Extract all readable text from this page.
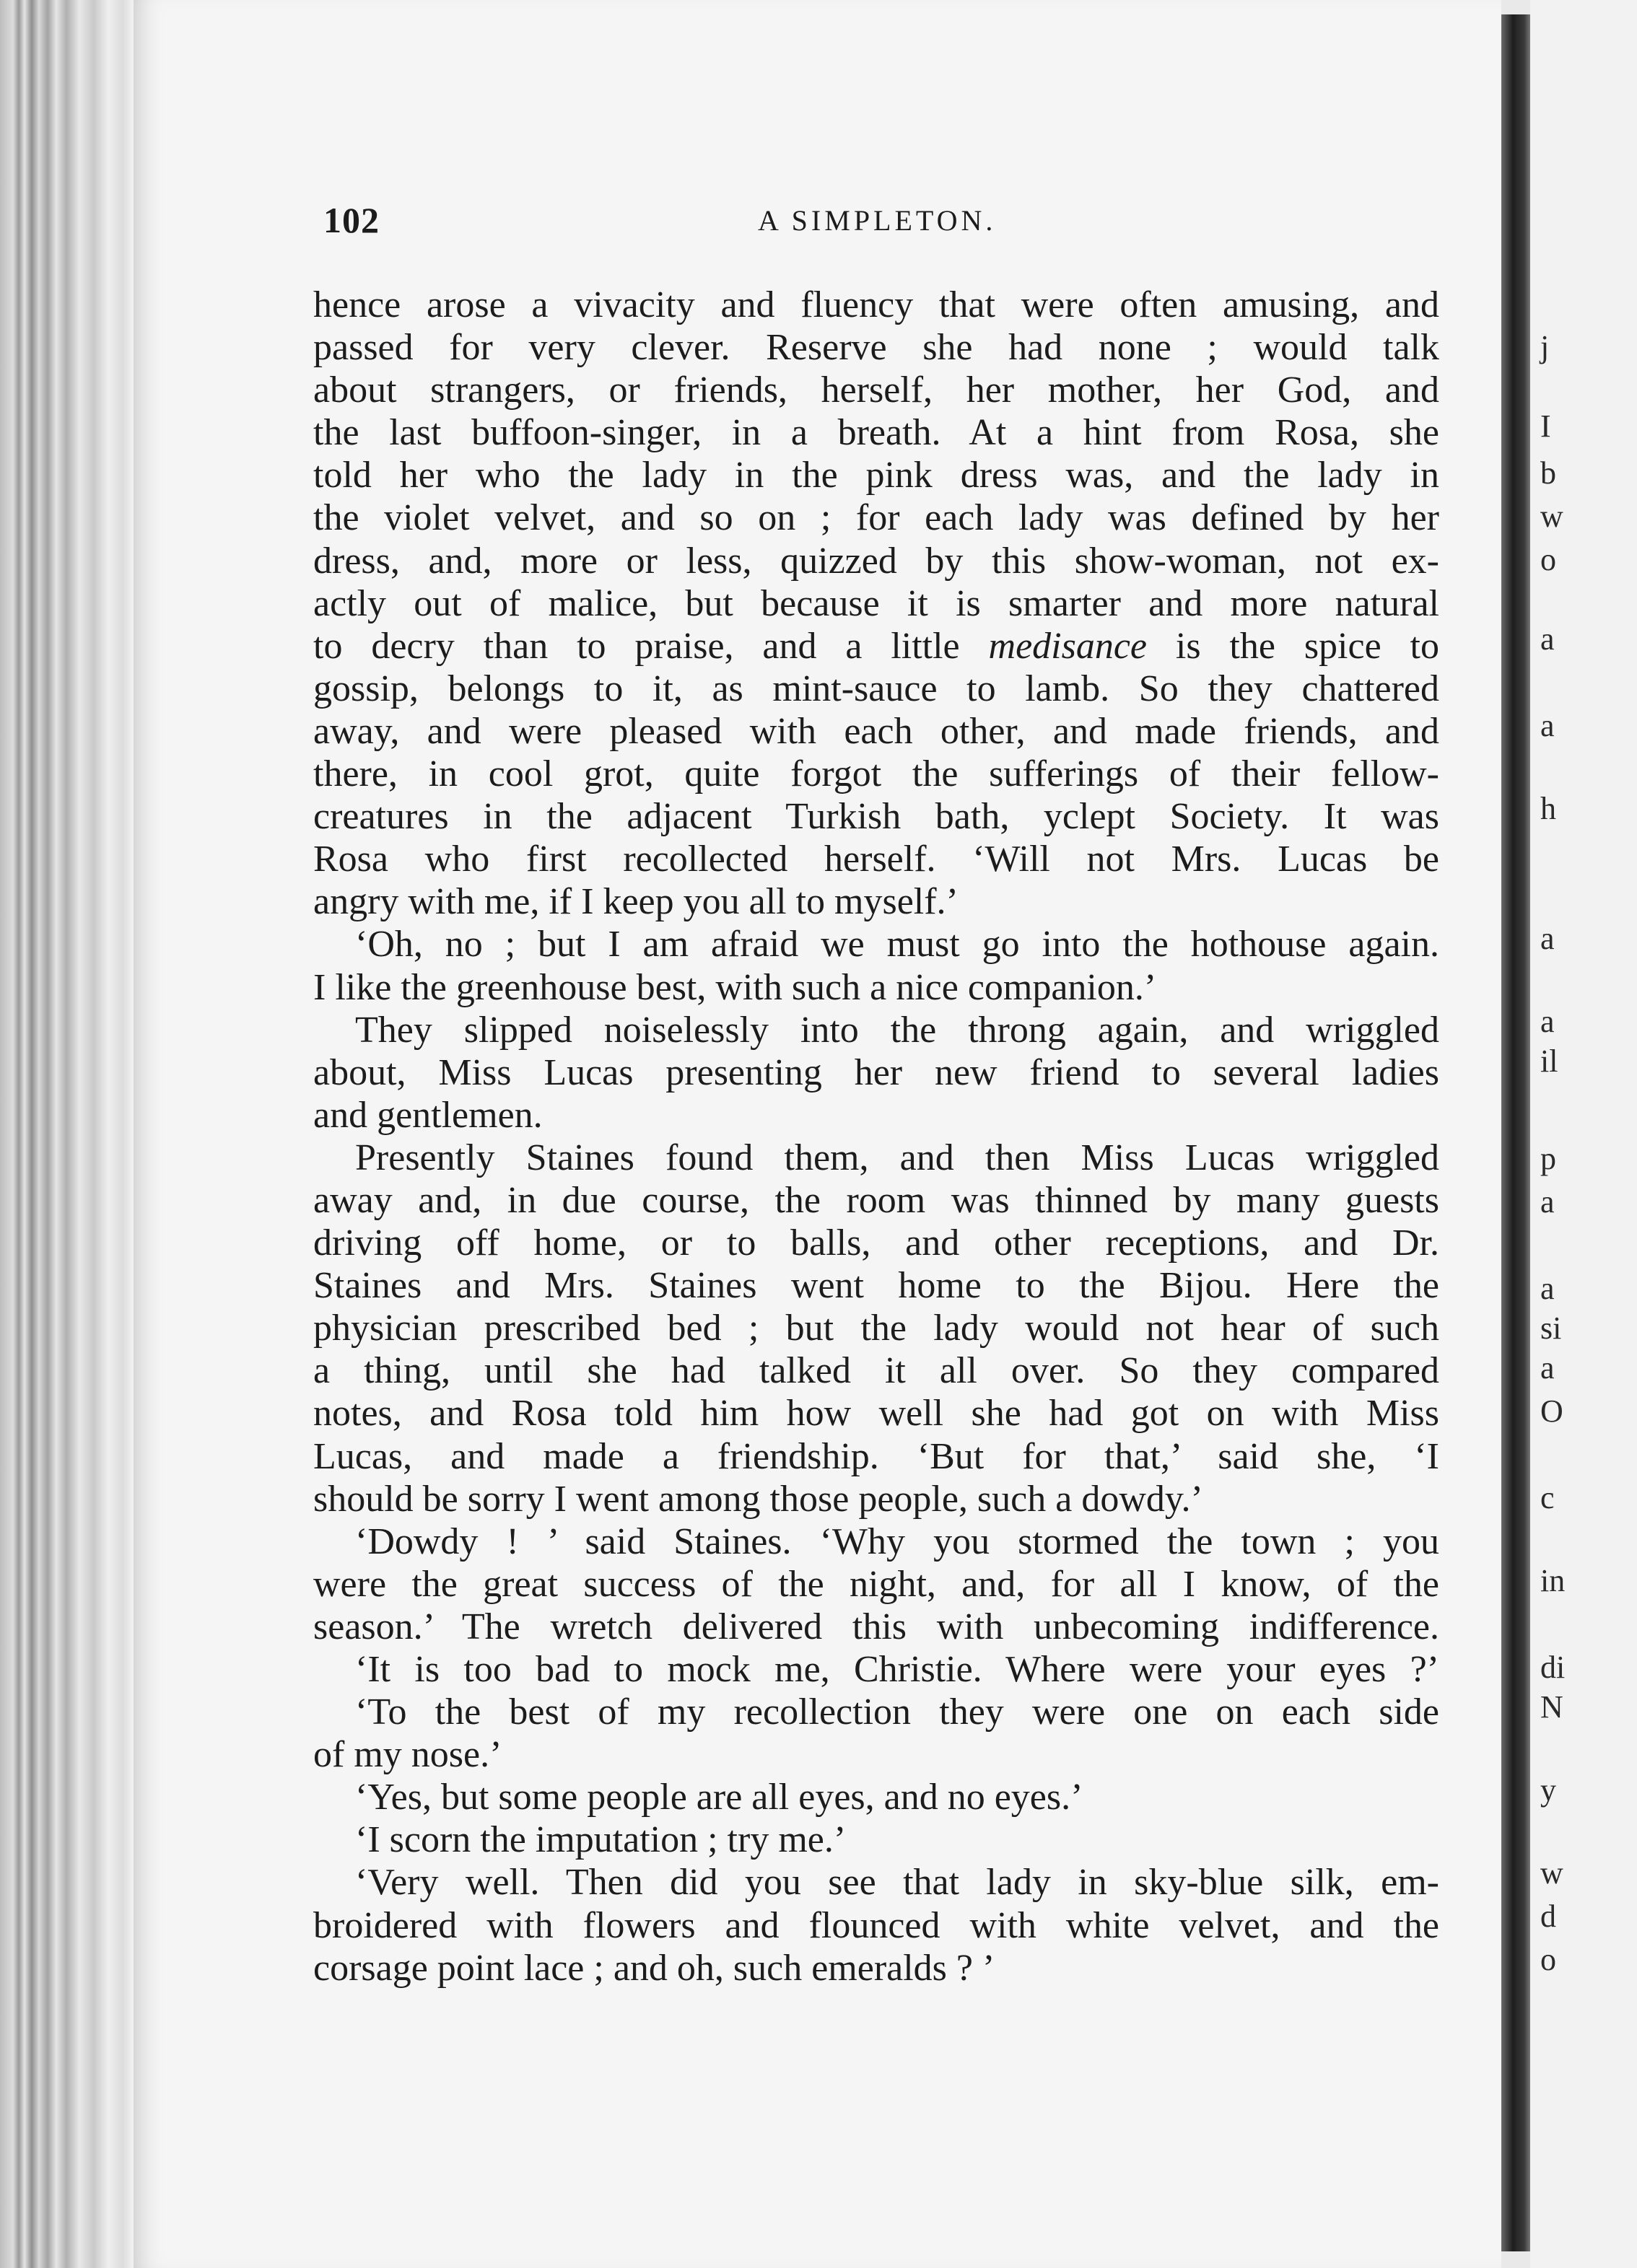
102	A SIMPLETON.
hence arose a vivacity and fluency that were often amusing, and
passed for very clever. Reserve she had none ; would talk
about strangers, or friends, herself, her mother, her God, and
the last buffoon-singer, in a breath. At a hint from Rosa, she
told her who the lady in the pink dress was, and the lady in
the violet velvet, and so on ; for each lady was defined by her
dress, and, more or less, quizzed by this show-woman, not ex-
actly out of malice, but because it is smarter and more natural
to decry than to praise, and a little medisance is the spice to
gossip, belongs to it, as mint-sauce to lamb. So they chattered
away, and were pleased with each other, and made friends, and
there, in cool grot, quite forgot the sufferings of their fellow-
creatures in the adjacent Turkish bath, yclept Society. It was
Rosa who first recollected herself. ‘Will not Mrs. Lucas be
angry with me, if I keep you all to myself.’
‘Oh, no ; but I am afraid we must go into the hothouse again.
I like the greenhouse best, with such a nice companion.’
They slipped noiselessly into the throng again, and wriggled
about, Miss Lucas presenting her new friend to several ladies
and gentlemen.
Presently Staines found them, and then Miss Lucas wriggled
away and, in due course, the room was thinned by many guests
driving off home, or to balls, and other receptions, and Dr.
Staines and Mrs. Staines went home to the Bijou. Here the
physician prescribed bed ; but the lady would not hear of such
a thing, until she had talked it all over. So they compared
notes, and Rosa told him how well she had got on with Miss
Lucas, and made a friendship. ‘But for that,’ said she, ‘I
should be sorry I went among those people, such a dowdy.’
‘Dowdy ! ’ said Staines. ‘Why you stormed the town ; you
were the great success of the night, and, for all I know, of the
season.’ The wretch delivered this with unbecoming indifference.
‘It is too bad to mock me, Christie. Where were your eyes ?’
‘To the best of my recollection they were one on each side
of my nose.’
‘Yes, but some people are all eyes, and no eyes.’
‘I scorn the imputation ; try me.’
‘Very well. Then did you see that lady in sky-blue silk, em-
broidered with flowers and flounced with white velvet, and the
corsage point lace ; and oh, such emeralds ? ’
j
I
b
w
o
a
a
h
a
a
il
p
a
a
si
a
O
c
in
di
N
y
w
d
o
